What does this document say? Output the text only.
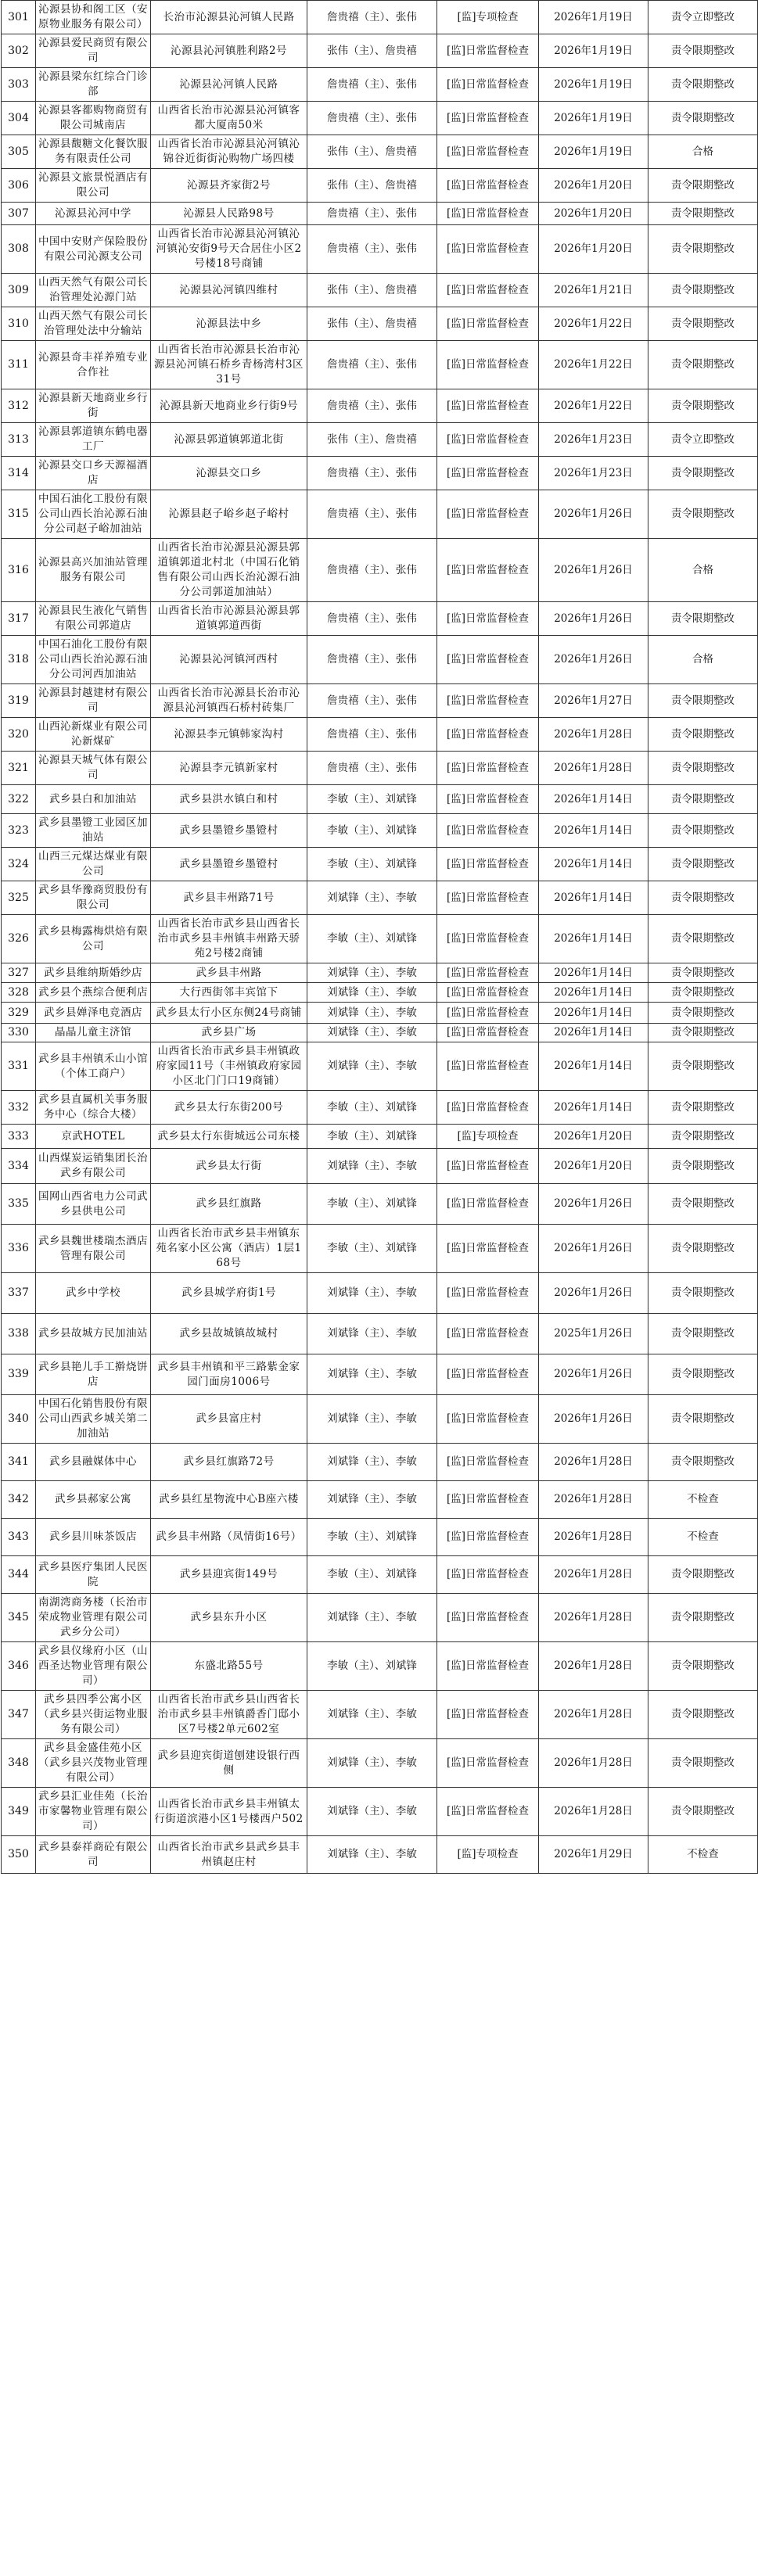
301	沁源县协和阁工区（安原物业服务有限公司）	长治市沁源县沁河镇人民路	詹贵禧（主）、张伟	[监]专项检查	2026年1月19日	责令立即整改
302	沁源县爱民商贸有限公司	沁源县沁河镇胜利路2号	张伟（主）、詹贵禧	[监]日常监督检查	2026年1月19日	责令限期整改
303	沁源县梁东红综合门诊部	沁源县沁河镇人民路	詹贵禧（主）、张伟	[监]日常监督检查	2026年1月19日	责令限期整改
304	沁源县客都购物商贸有限公司城南店	山西省长治市沁源县沁河镇客都大厦南50米	詹贵禧（主）、张伟	[监]日常监督检查	2026年1月19日	责令限期整改
305	沁源县馥糖文化餐饮服务有限责任公司	山西省长治市沁源县沁河镇沁锦谷近街街沁购物广场四楼	张伟（主）、詹贵禧	[监]日常监督检查	2026年1月19日	合格
306	沁源县文旅景悦酒店有限公司	沁源县齐家街2号	张伟（主）、詹贵禧	[监]日常监督检查	2026年1月20日	责令限期整改
307	沁源县沁河中学	沁源县人民路98号	詹贵禧（主）、张伟	[监]日常监督检查	2026年1月20日	责令限期整改
308	中国中安财产保险股份有限公司沁源支公司	山西省长治市沁源县沁河镇沁河镇沁安街9号天合居住小区2号楼18号商铺	詹贵禧（主）、张伟	[监]日常监督检查	2026年1月20日	责令限期整改
309	山西天然气有限公司长治管理处沁源门站	沁源县沁河镇四维村	张伟（主）、詹贵禧	[监]日常监督检查	2026年1月21日	责令限期整改
310	山西天然气有限公司长治管理处法中分输站	沁源县法中乡	张伟（主）、詹贵禧	[监]日常监督检查	2026年1月22日	责令限期整改
311	沁源县奇丰祥养殖专业合作社	山西省长治市沁源县长治市沁源县沁河镇石桥乡青杨湾村3区31号	詹贵禧（主）、张伟	[监]日常监督检查	2026年1月22日	责令限期整改
312	沁源县新天地商业乡行街	沁源县新天地商业乡行街9号	詹贵禧（主）、张伟	[监]日常监督检查	2026年1月22日	责令限期整改
313	沁源县郭道镇东鹤电器工厂	沁源县郭道镇郭道北街	张伟（主）、詹贵禧	[监]日常监督检查	2026年1月23日	责令立即整改
314	沁源县交口乡天源福酒店	沁源县交口乡	詹贵禧（主）、张伟	[监]日常监督检查	2026年1月23日	责令限期整改
315	中国石油化工股份有限公司山西长治沁源石油分公司赵子峪加油站	沁源县赵子峪乡赵子峪村	詹贵禧（主）、张伟	[监]日常监督检查	2026年1月26日	责令限期整改
316	沁源县高兴加油站管理服务有限公司	山西省长治市沁源县沁源县郭道镇郭道北村北（中国石化销售有限公司山西长治沁源石油分公司郭道加油站）	詹贵禧（主）、张伟	[监]日常监督检查	2026年1月26日	合格
317	沁源县民生液化气销售有限公司郭道店	山西省长治市沁源县沁源县郭道镇郭道西街	詹贵禧（主）、张伟	[监]日常监督检查	2026年1月26日	责令限期整改
318	中国石油化工股份有限公司山西长治沁源石油分公司河西加油站	沁源县沁河镇河西村	詹贵禧（主）、张伟	[监]日常监督检查	2026年1月26日	合格
319	沁源县封越建材有限公司	山西省长治市沁源县长治市沁源县沁河镇西石桥村砖集厂	詹贵禧（主）、张伟	[监]日常监督检查	2026年1月27日	责令限期整改
320	山西沁新煤业有限公司沁新煤矿	沁源县李元镇韩家沟村	詹贵禧（主）、张伟	[监]日常监督检查	2026年1月28日	责令限期整改
321	沁源县天城气体有限公司	沁源县李元镇新家村	詹贵禧（主）、张伟	[监]日常监督检查	2026年1月28日	责令限期整改
322	武乡县白和加油站	武乡县洪水镇白和村	李敏（主）、刘斌锋	[监]日常监督检查	2026年1月14日	责令限期整改
323	武乡县墨镫工业园区加油站	武乡县墨镫乡墨镫村	李敏（主）、刘斌锋	[监]日常监督检查	2026年1月14日	责令限期整改
324	山西三元煤达煤业有限公司	武乡县墨镫乡墨镫村	李敏（主）、刘斌锋	[监]日常监督检查	2026年1月14日	责令限期整改
325	武乡县华豫商贸股份有限公司	武乡县丰州路71号	刘斌锋（主）、李敏	[监]日常监督检查	2026年1月14日	责令限期整改
326	武乡县梅露梅烘焙有限公司	山西省长治市武乡县山西省长治市武乡县丰州镇丰州路天骄苑2号楼2商铺	李敏（主）、刘斌锋	[监]日常监督检查	2026年1月14日	责令限期整改
327	武乡县维纳斯婚纱店	武乡县丰州路	刘斌锋（主）、李敏	[监]日常监督检查	2026年1月14日	责令限期整改
328	武乡县个燕综合便利店	大行西街邻丰宾馆下	刘斌锋（主）、李敏	[监]日常监督检查	2026年1月14日	责令限期整改
329	武乡县婵泽电竞酒店	武乡县太行小区东侧24号商铺	刘斌锋（主）、李敏	[监]日常监督检查	2026年1月14日	责令限期整改
330	晶晶儿童主济馆	武乡县广场	刘斌锋（主）、李敏	[监]日常监督检查	2026年1月14日	责令限期整改
331	武乡县丰州镇禾山小馆（个体工商户）	山西省长治市武乡县丰州镇政府家园11号（丰州镇政府家园小区北门门口19商铺）	刘斌锋（主）、李敏	[监]日常监督检查	2026年1月14日	责令限期整改
332	武乡县直属机关事务服务中心（综合大楼）	武乡县太行东街200号	李敏（主）、刘斌锋	[监]日常监督检查	2026年1月14日	责令限期整改
333	京武HOTEL	武乡县太行东街城远公司东楼	李敏（主）、刘斌锋	[监]专项检查	2026年1月20日	责令限期整改
334	山西煤炭运销集团长治武乡有限公司	武乡县太行街	刘斌锋（主）、李敏	[监]日常监督检查	2026年1月20日	责令限期整改
335	国网山西省电力公司武乡县供电公司	武乡县红旗路	李敏（主）、刘斌锋	[监]日常监督检查	2026年1月26日	责令限期整改
336	武乡县魏世楼瑞杰酒店管理有限公司	山西省长治市武乡县丰州镇东苑名家小区公寓（酒店）1层168号	李敏（主）、刘斌锋	[监]日常监督检查	2026年1月26日	责令限期整改
337	武乡中学校	武乡县城学府街1号	刘斌锋（主）、李敏	[监]日常监督检查	2026年1月26日	责令限期整改
338	武乡县故城方民加油站	武乡县故城镇故城村	刘斌锋（主）、李敏	[监]日常监督检查	2025年1月26日	责令限期整改
339	武乡县艳儿手工擀烧饼店	武乡县丰州镇和平三路紫金家园门面房1006号	刘斌锋（主）、李敏	[监]日常监督检查	2026年1月26日	责令限期整改
340	中国石化销售股份有限公司山西武乡城关第二加油站	武乡县富庄村	刘斌锋（主）、李敏	[监]日常监督检查	2026年1月26日	责令限期整改
341	武乡县融媒体中心	武乡县红旗路72号	刘斌锋（主）、李敏	[监]日常监督检查	2026年1月28日	责令限期整改
342	武乡县郝家公寓	武乡县红星物流中心B座六楼	刘斌锋（主）、李敏	[监]日常监督检查	2026年1月28日	不检查
343	武乡县川味茶饭店	武乡县丰州路（凤情街16号）	李敏（主）、刘斌锋	[监]日常监督检查	2026年1月28日	不检查
344	武乡县医疗集团人民医院	武乡县迎宾街149号	李敏（主）、刘斌锋	[监]日常监督检查	2026年1月28日	责令限期整改
345	南湖湾商务楼（长治市荣成物业管理有限公司武乡分公司）	武乡县东升小区	刘斌锋（主）、李敏	[监]日常监督检查	2026年1月28日	责令限期整改
346	武乡县仪缘府小区（山西圣达物业管理有限公司）	东盛北路55号	李敏（主）、刘斌锋	[监]日常监督检查	2026年1月28日	责令限期整改
347	武乡县四季公寓小区（武乡县兴街运物业服务有限公司）	山西省长治市武乡县山西省长治市武乡县丰州镇爵香门邸小区7号楼2单元602室	刘斌锋（主）、李敏	[监]日常监督检查	2026年1月28日	责令限期整改
348	武乡县金盛佳苑小区（武乡县兴茂物业管理有限公司）	武乡县迎宾街道刨建设银行西侧	刘斌锋（主）、李敏	[监]日常监督检查	2026年1月28日	责令限期整改
349	武乡县汇业佳苑（长治市家馨物业管理有限公司）	山西省长治市武乡县丰州镇太行街道滨港小区1号楼西户502	刘斌锋（主）、李敏	[监]日常监督检查	2026年1月28日	责令限期整改
350	武乡县泰祥商砼有限公司	山西省长治市武乡县武乡县丰州镇赵庄村	刘斌锋（主）、李敏	[监]专项检查	2026年1月29日	不检查
